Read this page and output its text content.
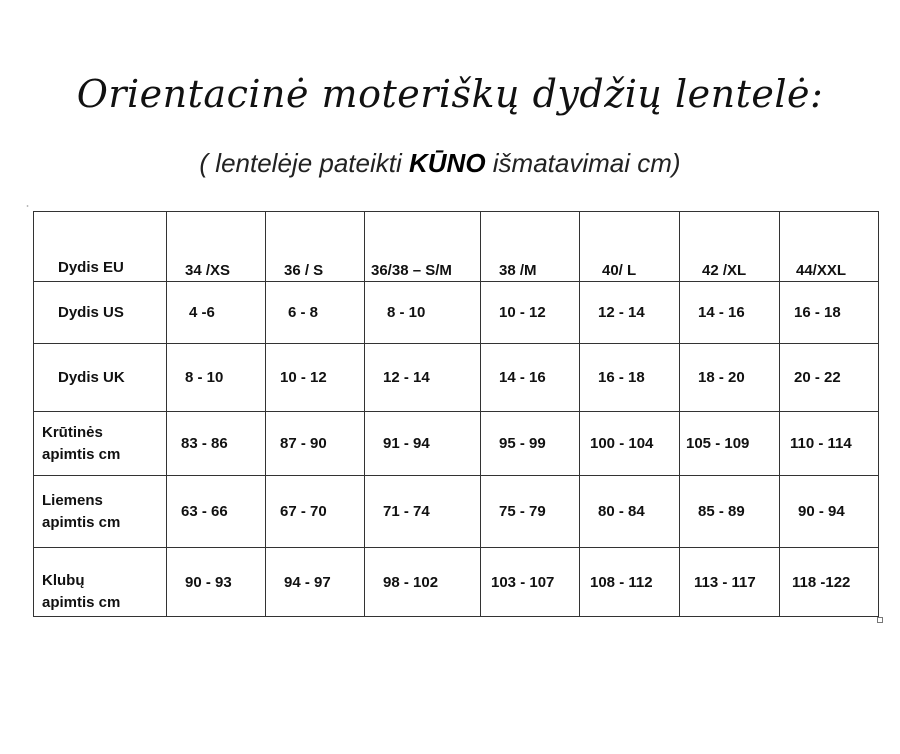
Orientacinė moteriškų dydžių lentelė:
( lentelėje pateikti KŪNO išmatavimai cm)
⁺
Dydis EU	34 /XS	36 / S	36/38 – S/M	38 /M	40/ L	42 /XL	44/XXL
Dydis US	4 -6	6 - 8	8 - 10	10 - 12	12 - 14	14 - 16	16 - 18
Dydis UK	8 - 10	10 - 12	12 - 14	14 - 16	16 - 18	18 - 20	20 - 22

Krūtinės
apimtis cm	83 - 86	87 - 90	91 - 94	95 - 99	100 - 104	105 - 109	110 - 114

Liemens
apimtis cm	63 - 66	67 - 70	71 - 74	75 - 79	80 - 84	85 - 89	90 - 94

Klubų
apimtis cm	90 - 93	94 - 97	98 - 102	103 - 107	108 - 112	113 - 117	118 -122
